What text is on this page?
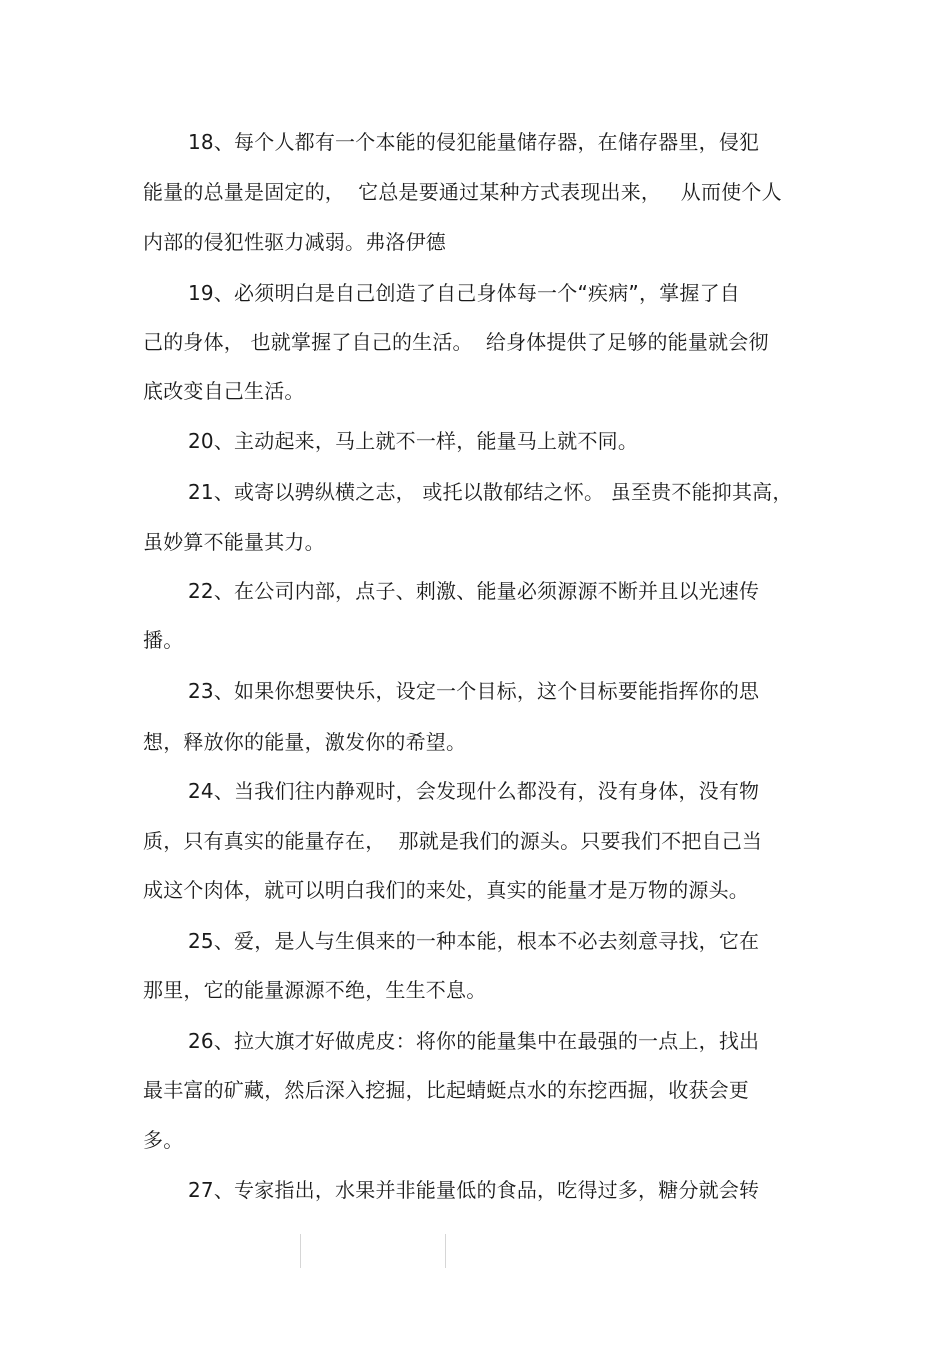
18、每个人都有一个本能的侵犯能量储存器，在储存器里，侵犯
能量的总量是固定的，  它总是要通过某种方式表现出来，   从而使个人
内部的侵犯性驱力减弱。弗洛伊德
19、必须明白是自己创造了自己身体每一个“疾病”，掌握了自
己的身体， 也就掌握了自己的生活。  给身体提供了足够的能量就会彻
底改变自己生活。
20、主动起来，马上就不一样，能量马上就不同。
21、或寄以骋纵横之志， 或托以散郁结之怀。 虽至贵不能抑其高，
虽妙算不能量其力。
22、在公司内部，点子、刺激、能量必须源源不断并且以光速传
播。
23、如果你想要快乐，设定一个目标，这个目标要能指挥你的思
想，释放你的能量，激发你的希望。
24、当我们往内静观时，会发现什么都没有，没有身体，没有物
质，只有真实的能量存在，  那就是我们的源头。只要我们不把自己当
成这个肉体，就可以明白我们的来处，真实的能量才是万物的源头。
25、爱，是人与生俱来的一种本能，根本不必去刻意寻找，它在
那里，它的能量源源不绝，生生不息。
26、拉大旗才好做虎皮：将你的能量集中在最强的一点上，找出
最丰富的矿藏，然后深入挖掘，比起蜻蜓点水的东挖西掘，收获会更
多。
27、专家指出，水果并非能量低的食品，吃得过多，糖分就会转
